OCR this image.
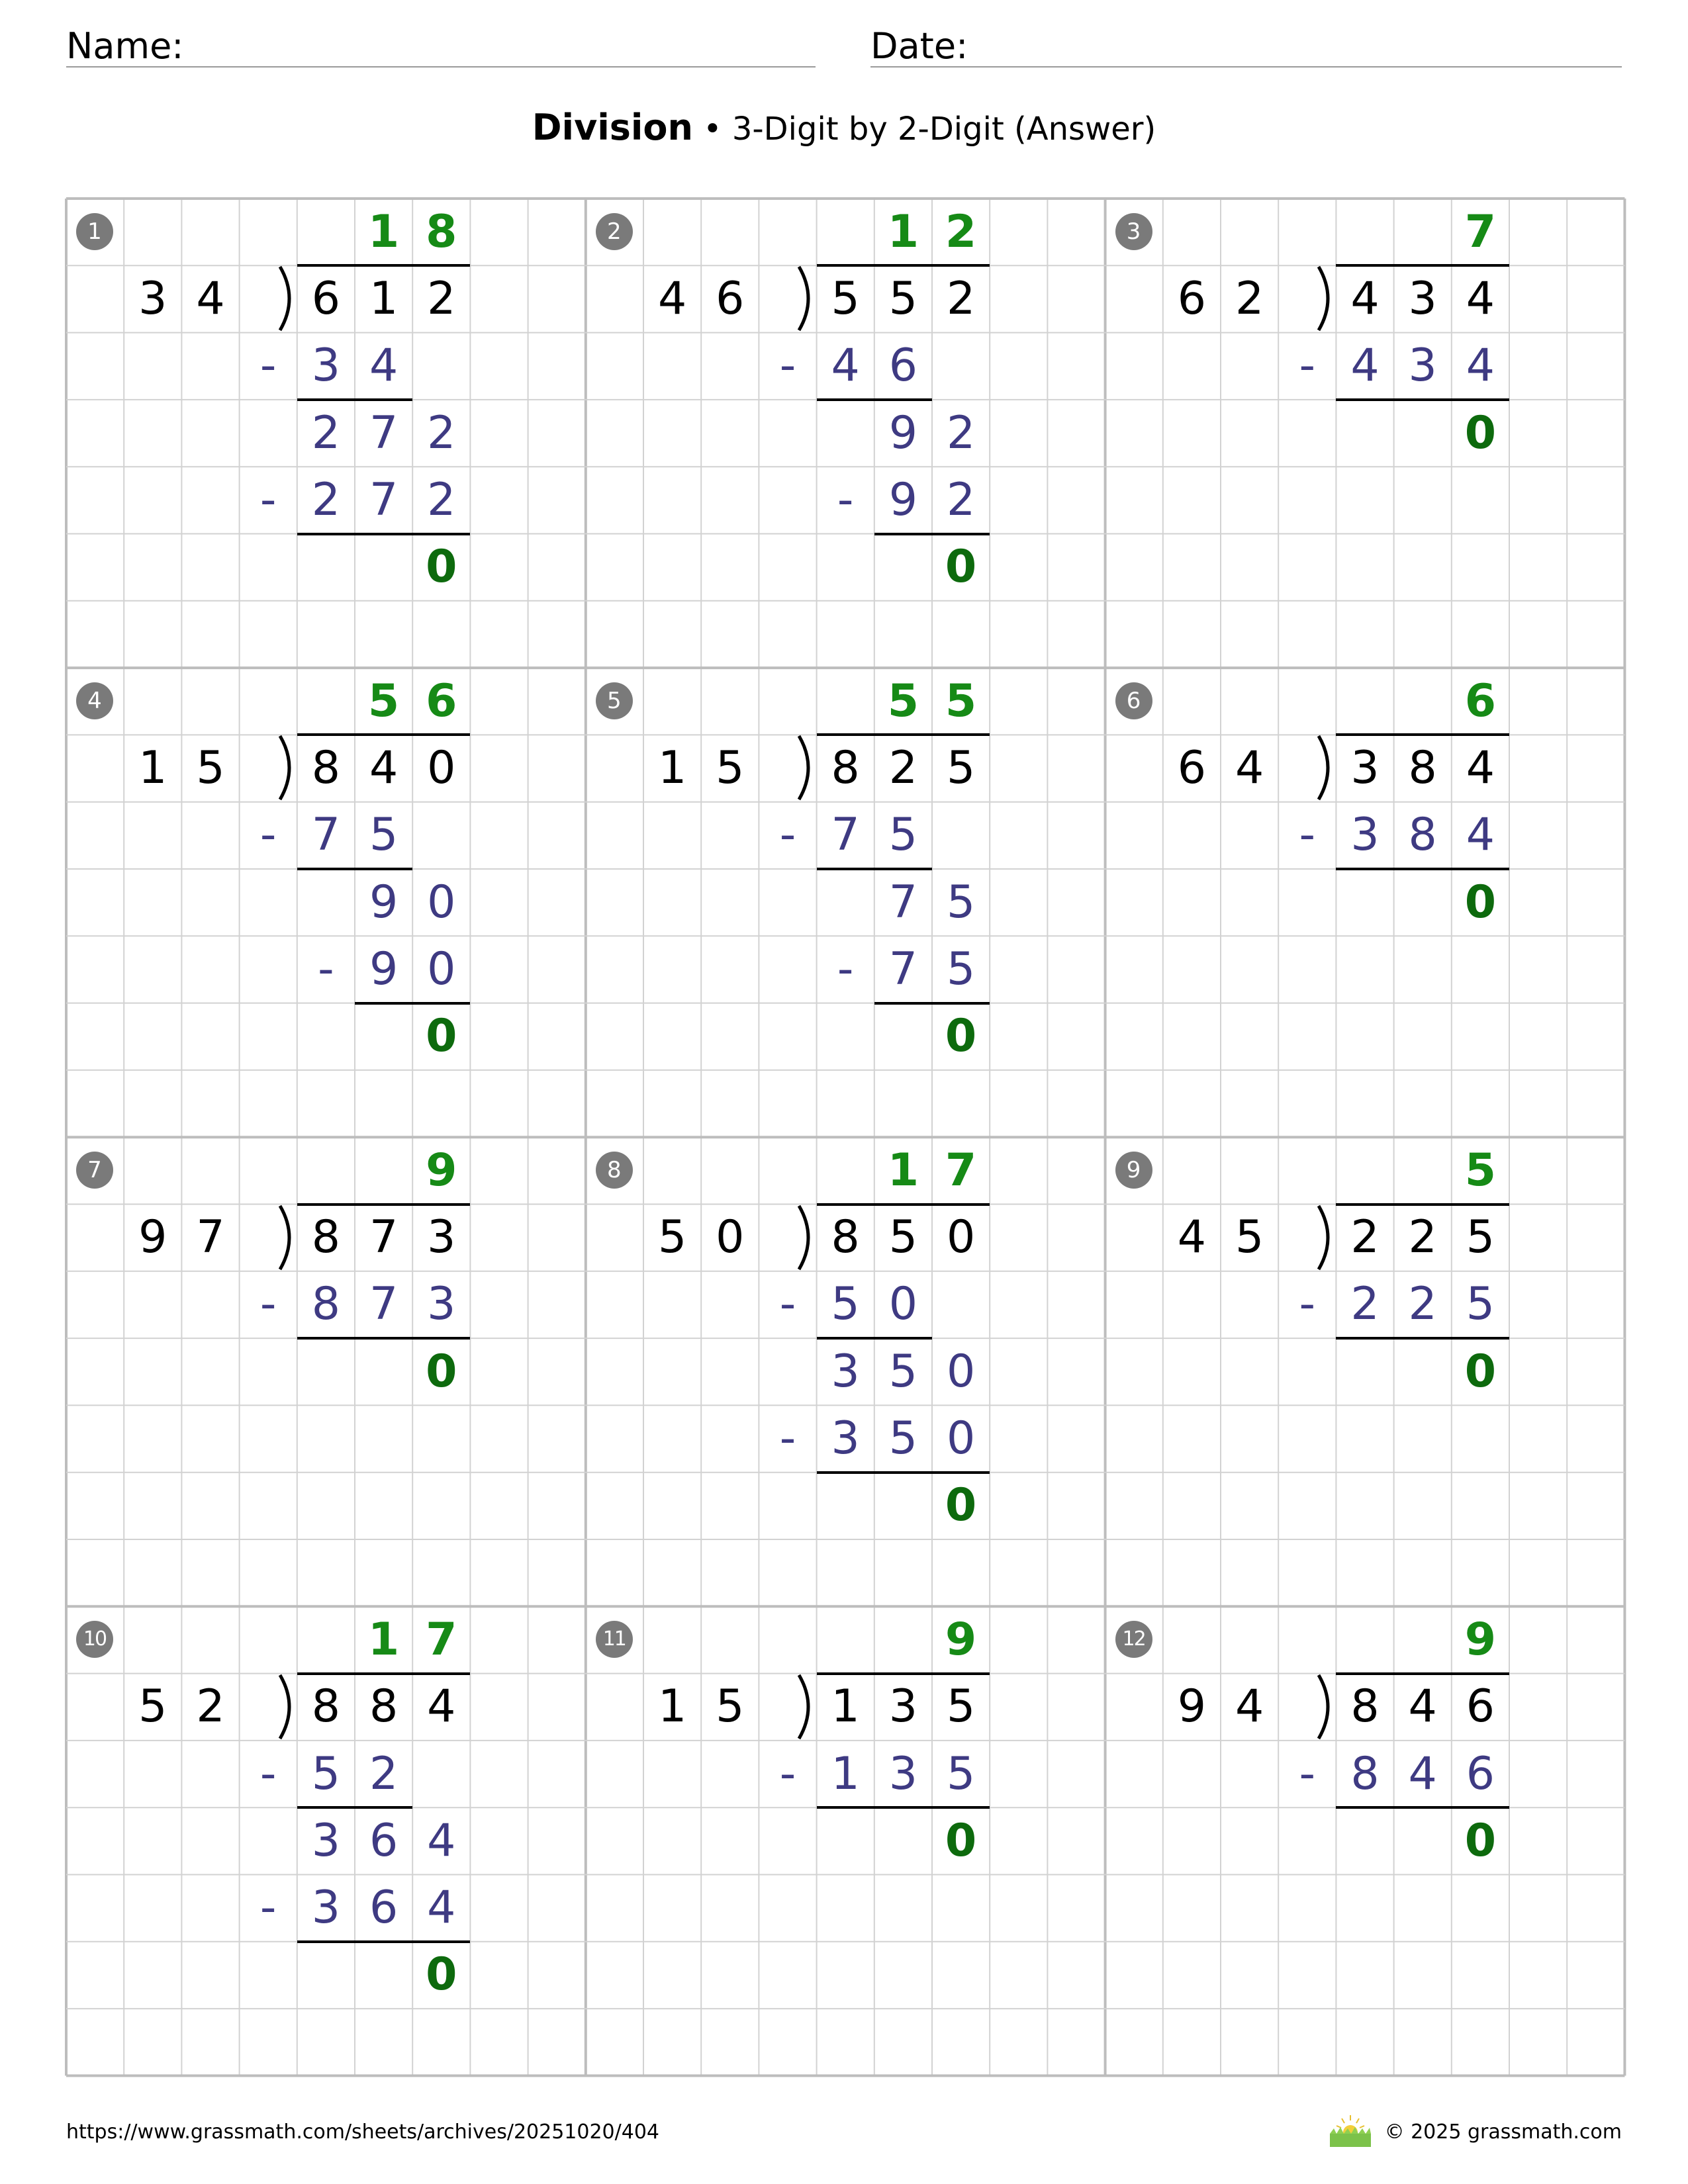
Name:	Date:
Division • 3-Digit by 2-Digit (Answer)
1
3 4	6 1 2
1 8
- 3 4
2 7 2
- 2 7 2
0
2
4 6	5 5 2
1 2
- 4 6
9 2
- 9 2
0
3
6 2	4 3 4
7
- 4 3 4
0
4
1 5	8 4 0
5 6
- 7 5
9 0
- 9 0
0
5
1 5	8 2 5
5 5
- 7 5
7 5
- 7 5
0
6
6 4	3 8 4
6
- 3 8 4
0
7
9 7	8 7 3
9
- 8 7 3
0
8
5 0	8 5 0
1 7
- 5 0
3 5 0
- 3 5 0
0
9
4 5	2 2 5
5
- 2 2 5
0
10
5 2	8 8 4
1 7
- 5 2
3 6 4
- 3 6 4
0
11
1 5	1 3 5
9
- 1 3 5
0
12
9 4	8 4 6
9
- 8 4 6
0
https://www.grassmath.com/sheets/archives/20251020/404	© 2025 grassmath.com
